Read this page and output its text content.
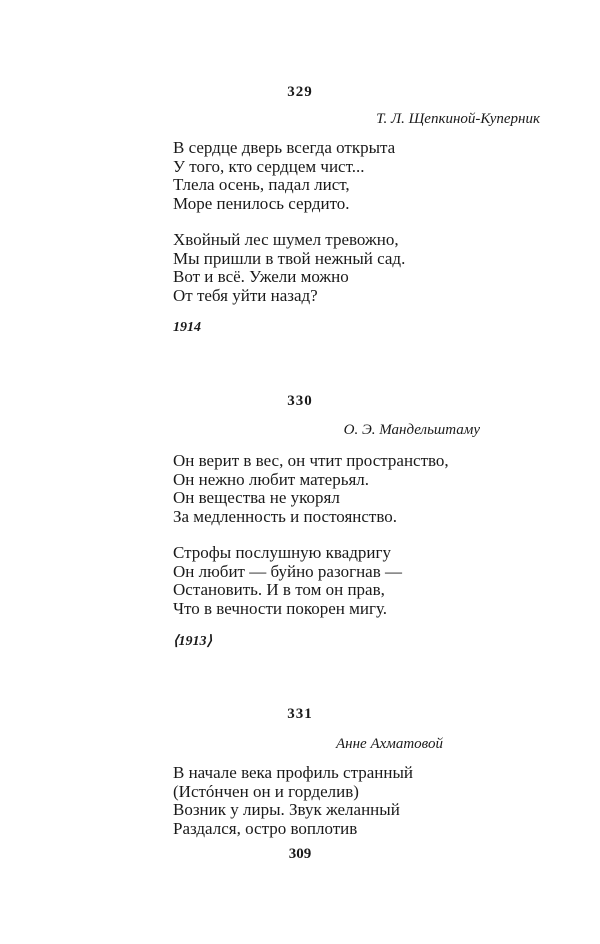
329
Т. Л. Щепкиной-Куперник
В сердце дверь всегда открыта
У того, кто сердцем чист...
Тлела осень, падал лист,
Море пенилось сердито.
Хвойный лес шумел тревожно,
Мы пришли в твой нежный сад.
Вот и всё. Ужели можно
От тебя уйти назад?
1914
330
О. Э. Мандельштаму
Он верит в вес, он чтит пространство,
Он нежно любит матерьял.
Он вещества не укорял
За медленность и постоянство.
Строфы послушную квадригу
Он любит — буйно разогнав —
Остановить. И в том он прав,
Что в вечности покорен мигу.
⟨1913⟩
331
Анне Ахматовой
В начале века профиль странный
(Истóнчен он и горделив)
Возник у лиры. Звук желанный
Раздался, остро воплотив
309
